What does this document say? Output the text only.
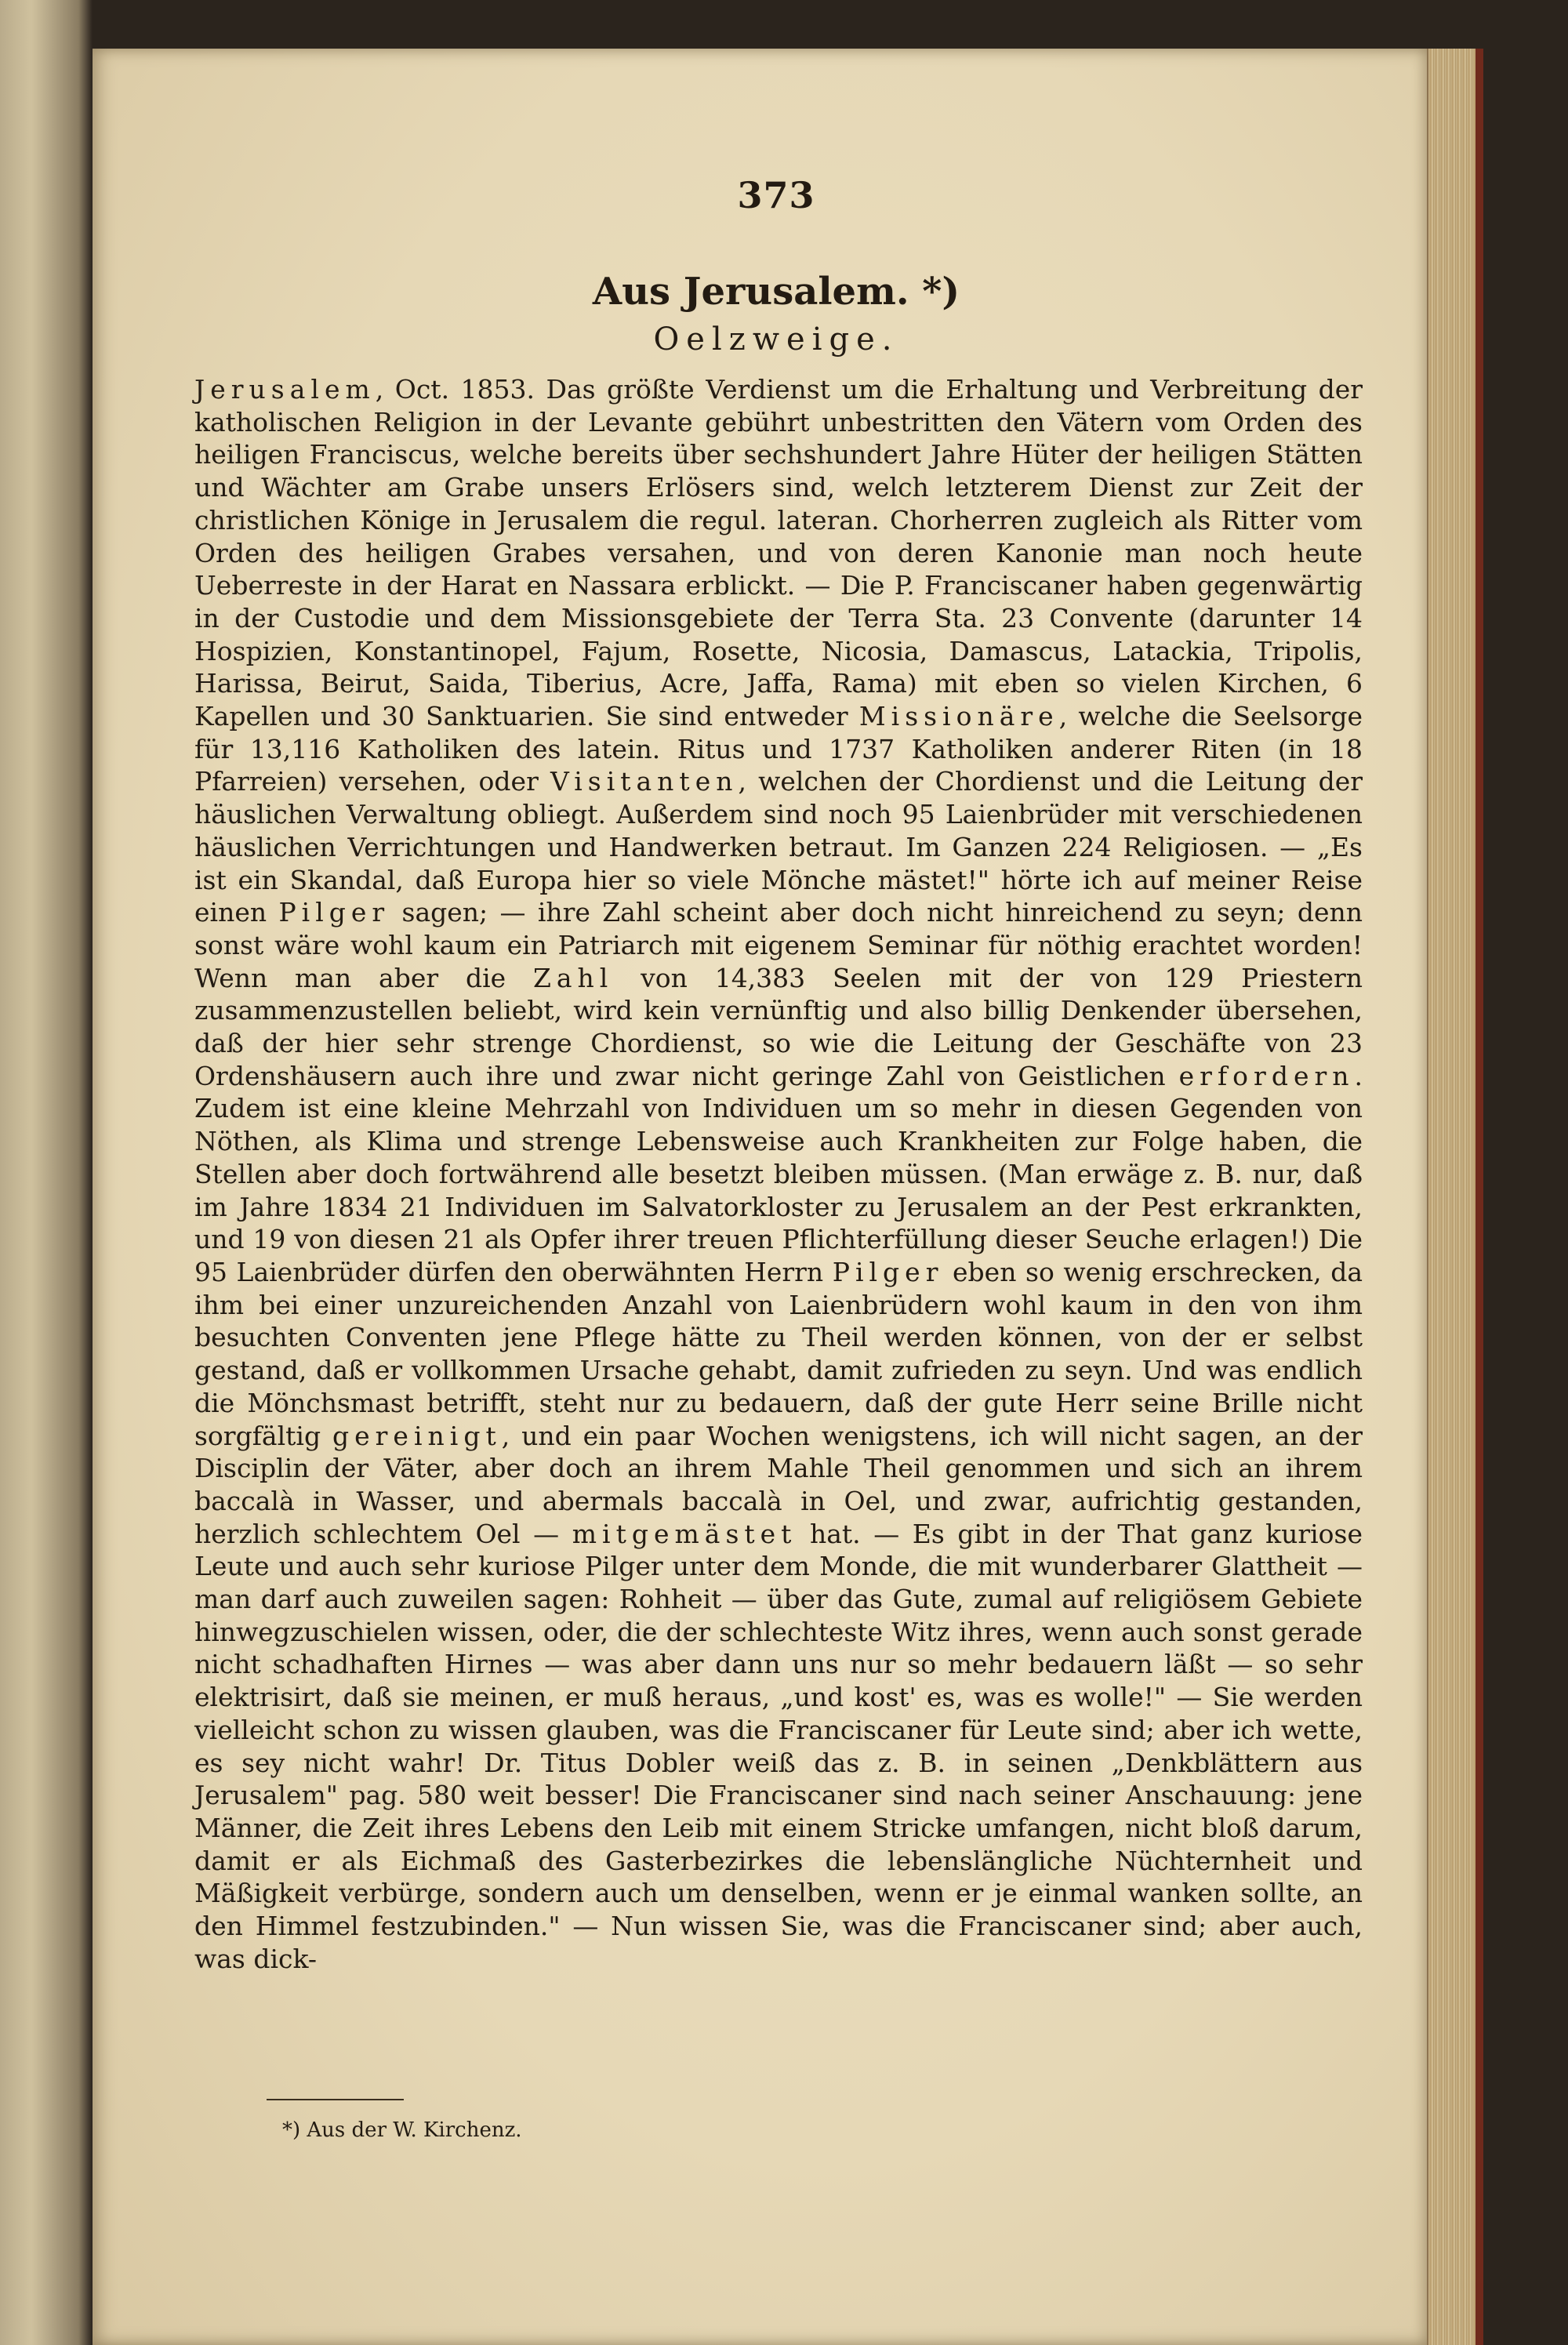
373
Aus Jerusalem. *)
Oelzweige.
Jerusalem, Oct. 1853. Das größte Verdienst um die Erhaltung und Verbreitung der katholischen Religion in der Levante gebührt unbestritten den Vätern vom Orden des heiligen Franciscus, welche bereits über sechshundert Jahre Hüter der heiligen Stätten und Wächter am Grabe unsers Erlösers sind, welch letzterem Dienst zur Zeit der christlichen Könige in Jerusalem die regul. lateran. Chorherren zugleich als Ritter vom Orden des heiligen Grabes versahen, und von deren Kanonie man noch heute Ueberreste in der Harat en Nassara erblickt. — Die P. Franciscaner haben gegenwärtig in der Custodie und dem Missionsgebiete der Terra Sta. 23 Convente (darunter 14 Hospizien, Konstantinopel, Fajum, Rosette, Nicosia, Damascus, Latackia, Tripolis, Harissa, Beirut, Saida, Tiberius, Acre, Jaffa, Rama) mit eben so vielen Kirchen, 6 Kapellen und 30 Sanktuarien. Sie sind entweder Missionäre, welche die Seelsorge für 13,116 Katholiken des latein. Ritus und 1737 Katholiken anderer Riten (in 18 Pfarreien) versehen, oder Visitanten, welchen der Chordienst und die Leitung der häuslichen Verwaltung obliegt. Außerdem sind noch 95 Laienbrüder mit verschiedenen häuslichen Verrichtungen und Handwerken betraut. Im Ganzen 224 Religiosen. — „Es ist ein Skandal, daß Europa hier so viele Mönche mästet!" hörte ich auf meiner Reise einen Pilger sagen; — ihre Zahl scheint aber doch nicht hinreichend zu seyn; denn sonst wäre wohl kaum ein Patriarch mit eigenem Seminar für nöthig erachtet worden! Wenn man aber die Zahl von 14,383 Seelen mit der von 129 Priestern zusammenzustellen beliebt, wird kein vernünftig und also billig Denkender übersehen, daß der hier sehr strenge Chordienst, so wie die Leitung der Geschäfte von 23 Ordenshäusern auch ihre und zwar nicht geringe Zahl von Geistlichen erfordern. Zudem ist eine kleine Mehrzahl von Individuen um so mehr in diesen Gegenden von Nöthen, als Klima und strenge Lebensweise auch Krankheiten zur Folge haben, die Stellen aber doch fortwährend alle besetzt bleiben müssen. (Man erwäge z. B. nur, daß im Jahre 1834 21 Individuen im Salvatorkloster zu Jerusalem an der Pest erkrankten, und 19 von diesen 21 als Opfer ihrer treuen Pflichterfüllung dieser Seuche erlagen!) Die 95 Laienbrüder dürfen den oberwähnten Herrn Pilger eben so wenig erschrecken, da ihm bei einer unzureichenden Anzahl von Laienbrüdern wohl kaum in den von ihm besuchten Conventen jene Pflege hätte zu Theil werden können, von der er selbst gestand, daß er vollkommen Ursache gehabt, damit zufrieden zu seyn. Und was endlich die Mönchsmast betrifft, steht nur zu bedauern, daß der gute Herr seine Brille nicht sorgfältig gereinigt, und ein paar Wochen wenigstens, ich will nicht sagen, an der Disciplin der Väter, aber doch an ihrem Mahle Theil genommen und sich an ihrem baccalà in Wasser, und abermals baccalà in Oel, und zwar, aufrichtig gestanden, herzlich schlechtem Oel — mitgemästet hat. — Es gibt in der That ganz kuriose Leute und auch sehr kuriose Pilger unter dem Monde, die mit wunderbarer Glattheit — man darf auch zuweilen sagen: Rohheit — über das Gute, zumal auf religiösem Gebiete hinwegzuschielen wissen, oder, die der schlechteste Witz ihres, wenn auch sonst gerade nicht schadhaften Hirnes — was aber dann uns nur so mehr bedauern läßt — so sehr elektrisirt, daß sie meinen, er muß heraus, „und kost' es, was es wolle!" — Sie werden vielleicht schon zu wissen glauben, was die Franciscaner für Leute sind; aber ich wette, es sey nicht wahr! Dr. Titus Dobler weiß das z. B. in seinen „Denkblättern aus Jerusalem" pag. 580 weit besser! Die Franciscaner sind nach seiner Anschauung: jene Männer, die Zeit ihres Lebens den Leib mit einem Stricke umfangen, nicht bloß darum, damit er als Eichmaß des Gasterbezirkes die lebenslängliche Nüchternheit und Mäßigkeit verbürge, sondern auch um denselben, wenn er je einmal wanken sollte, an den Himmel festzubinden." — Nun wissen Sie, was die Franciscaner sind; aber auch, was dick-
*) Aus der W. Kirchenz.
